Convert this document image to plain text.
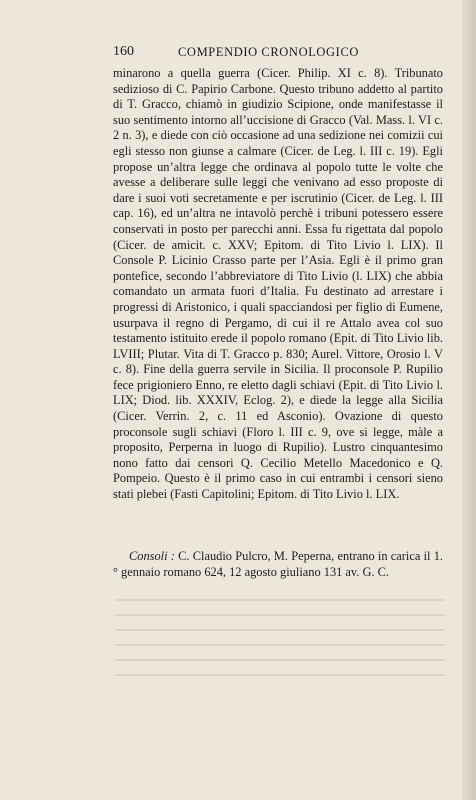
160	COMPENDIO CRONOLOGICO

minarono a quella guerra (Cicer. Philip. XI c. 8). Tribunato sedizioso di C. Papirio Carbone. Questo tribuno addetto al partito di T. Gracco, chiamò in giudizio Scipione, onde manifestasse il suo sentimento intorno all’uccisione di Gracco (Val. Mass. l. VI c. 2 n. 3), e diede con ciò occasione ad una sedizione nei comizii cui egli stesso non giunse a calmare (Cicer. de Leg. l. III c. 19). Egli propose un’altra legge che ordinava al popolo tutte le volte che avesse a deliberare sulle leggi che venivano ad esso proposte di dare i suoi voti secretamente e per iscrutinio (Cicer. de Leg. l. III cap. 16), ed un’altra ne intavolò perchè i tribuni potessero essere conservati in posto per parecchi anni. Essa fu rigettata dal popolo (Cicer. de amicit. c. XXV; Epitom. di Tito Livio l. LIX). Il Console P. Licinio Crasso parte per l’Asia. Egli è il primo gran pontefice, secondo l’abbreviatore di Tito Livio (l. LIX) che abbia comandato un armata fuori d’Italia. Fu destinato ad arrestare i progressi di Aristonico, i quali spacciandosi per figlio di Eumene, usurpava il regno di Pergamo, di cui il re Attalo avea col suo testamento istituito erede il popolo romano (Epit. di Tito Livio lib. LVIII; Plutar. Vita di T. Gracco p. 830; Aurel. Vittore, Orosio l. V c. 8). Fine della guerra servile in Sicilia. Il proconsole P. Rupilio fece prigioniero Enno, re eletto dagli schiavi (Epit. di Tito Livio l. LIX; Diod. lib. XXXIV, Eclog. 2), e diede la legge alla Sicilia (Cicer. Verrin. 2, c. 11 ed Asconio). Ovazione di questo proconsole sugli schiavi (Floro l. III c. 9, ove si legge, màle a proposito, Perperna in luogo di Rupilio). Lustro cinquantesimo nono fatto dai censori Q. Cecilio Metello Macedonico e Q. Pompeio. Questo è il primo caso in cui entrambi i censori sieno stati plebei (Fasti Capitolini; Epitom. di Tito Livio l. LIX.

Consoli : C. Claudio Pulcro, M. Peperna, entrano in carica il 1.° gennaio romano 624, 12 agosto giuliano 131 av. G. C.
